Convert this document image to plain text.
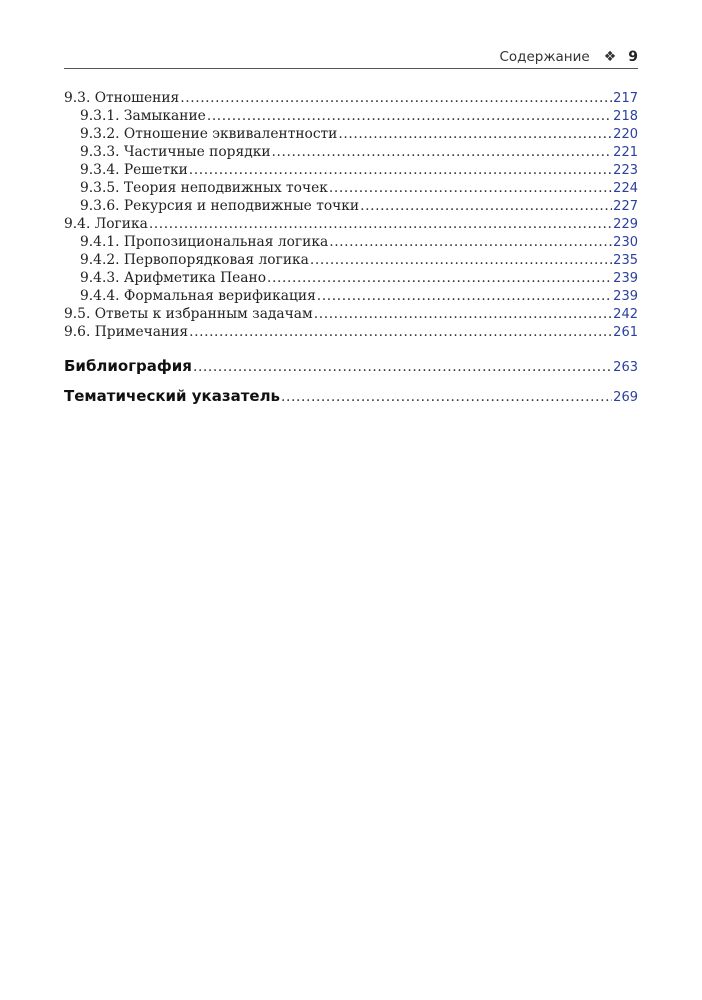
Содержание ❖ 9
9.3. Отношения .....	217
9.3.1. Замыкание .....	218
9.3.2. Отношение эквивалентности .....	220
9.3.3. Частичные порядки .....	221
9.3.4. Решетки .....	223
9.3.5. Теория неподвижных точек .....	224
9.3.6. Рекурсия и неподвижные точки .....	227
9.4. Логика .....	229
9.4.1. Пропозициональная логика .....	230
9.4.2. Первопорядковая логика .....	235
9.4.3. Арифметика Пеано .....	239
9.4.4. Формальная верификация .....	239
9.5. Ответы к избранным задачам .....	242
9.6. Примечания .....	261
Библиография .....	263
Тематический указатель .....	269
